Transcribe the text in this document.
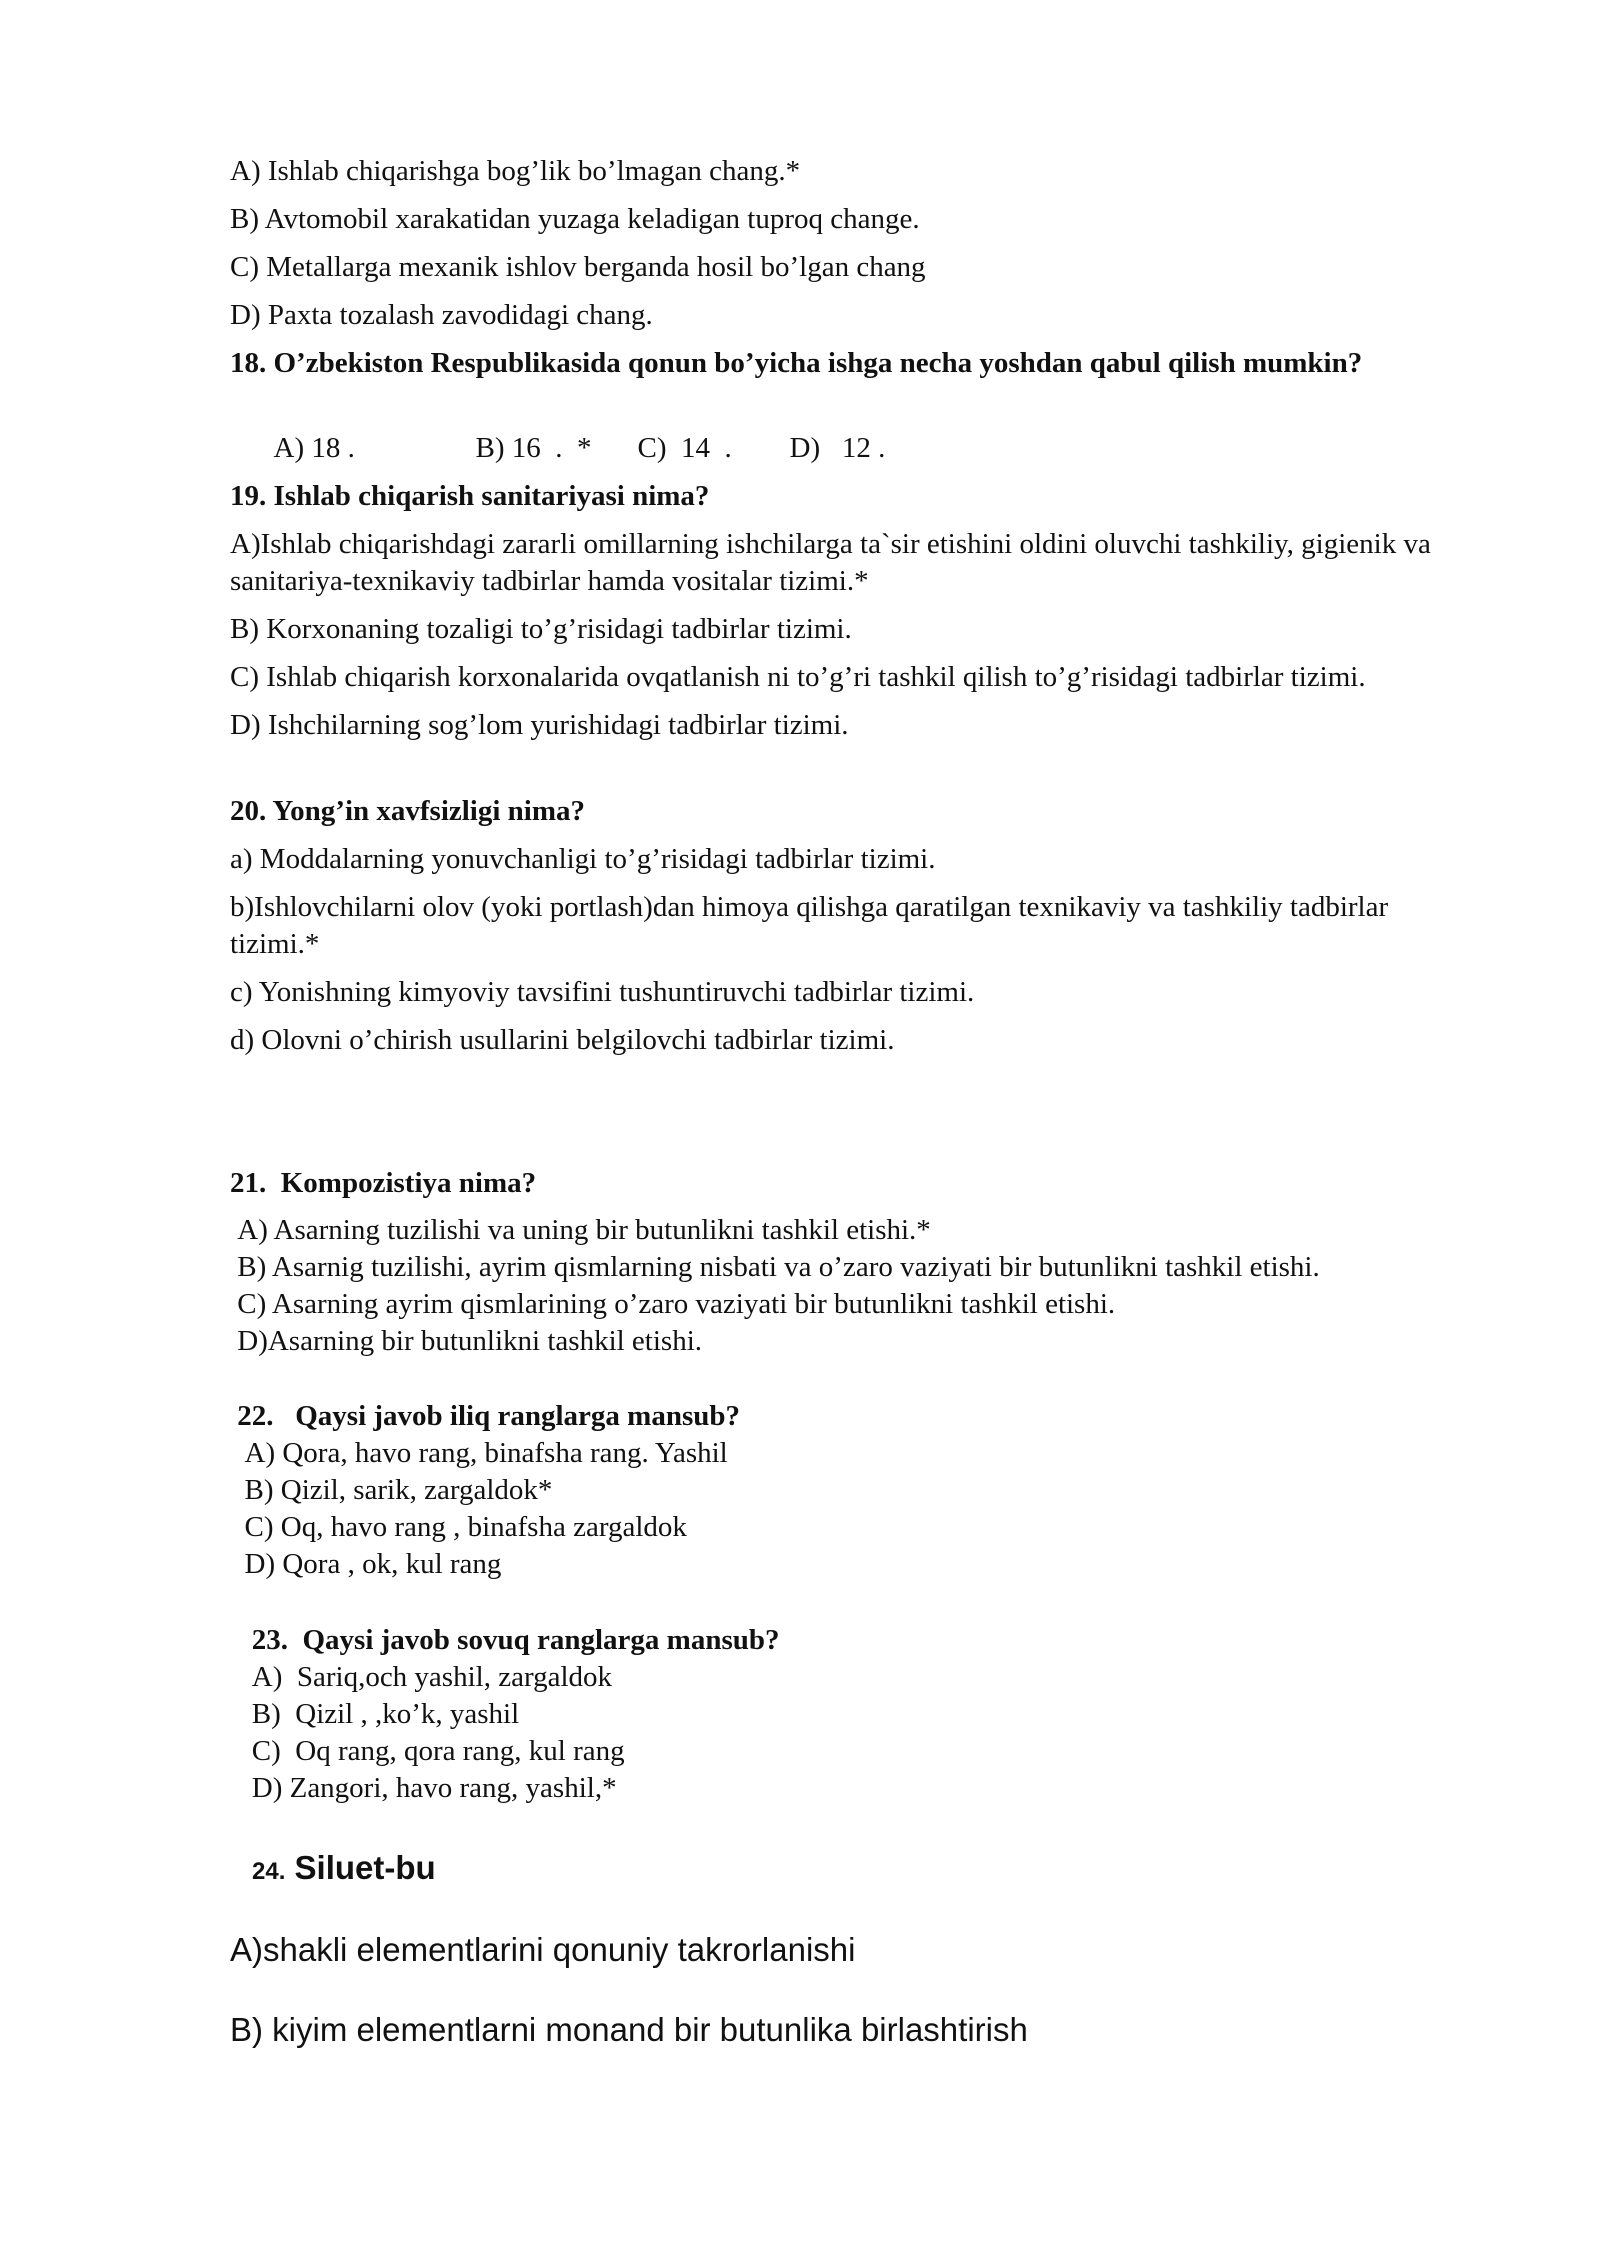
A) Ishlab chiqarishga bog’lik bo’lmagan chang.*

B) Avtomobil xarakatidan yuzaga keladigan tuproq change.

C) Metallarga mexanik ishlov berganda hosil bo’lgan chang

D) Paxta tozalash zavodidagi chang.

18. O’zbekiston Respublikasida qonun bo’yicha ishga necha yoshdan qabul qilish mumkin?

A) 18 .	B) 16  .  * C)  14  . D)   12 .

19. Ishlab chiqarish sanitariyasi nima?

A)Ishlab chiqarishdagi zararli omillarning ishchilarga ta`sir etishini oldini oluvchi tashkiliy, gigienik va sanitariya-texnikaviy tadbirlar hamda vositalar tizimi.*

B) Korxonaning tozaligi to’g’risidagi tadbirlar tizimi.

C) Ishlab chiqarish korxonalarida ovqatlanish ni to’g’ri tashkil qilish to’g’risidagi tadbirlar tizimi.

D) Ishchilarning sog’lom yurishidagi tadbirlar tizimi.

20. Yong’in xavfsizligi nima?

a) Moddalarning yonuvchanligi to’g’risidagi tadbirlar tizimi.

b)Ishlovchilarni olov (yoki portlash)dan himoya qilishga qaratilgan texnikaviy va tashkiliy tadbirlar tizimi.*

c) Yonishning kimyoviy tavsifini tushuntiruvchi tadbirlar tizimi.

d) Olovni o’chirish usullarini belgilovchi tadbirlar tizimi.

21.  Kompozistiya nima?

A) Asarning tuzilishi va uning bir butunlikni tashkil etishi.*

B) Asarnig tuzilishi, ayrim qismlarning nisbati va o’zaro vaziyati bir butunlikni tashkil etishi.

C) Asarning ayrim qismlarining o’zaro vaziyati bir butunlikni tashkil etishi.

D)Asarning bir butunlikni tashkil etishi.

22.   Qaysi javob iliq ranglarga mansub?

A) Qora, havo rang, binafsha rang. Yashil

B) Qizil, sarik, zargaldok*

C) Oq, havo rang , binafsha zargaldok

D) Qora , ok, kul rang

23.  Qaysi javob sovuq ranglarga mansub?

A)  Sariq,och yashil, zargaldok

B)  Qizil , ,ko’k, yashil

C)  Oq rang, qora rang, kul rang

D) Zangori, havo rang, yashil,*

24. Siluet-bu

A)shakli elementlarini qonuniy takrorlanishi

B) kiyim elementlarni monand bir butunlika birlashtirish
